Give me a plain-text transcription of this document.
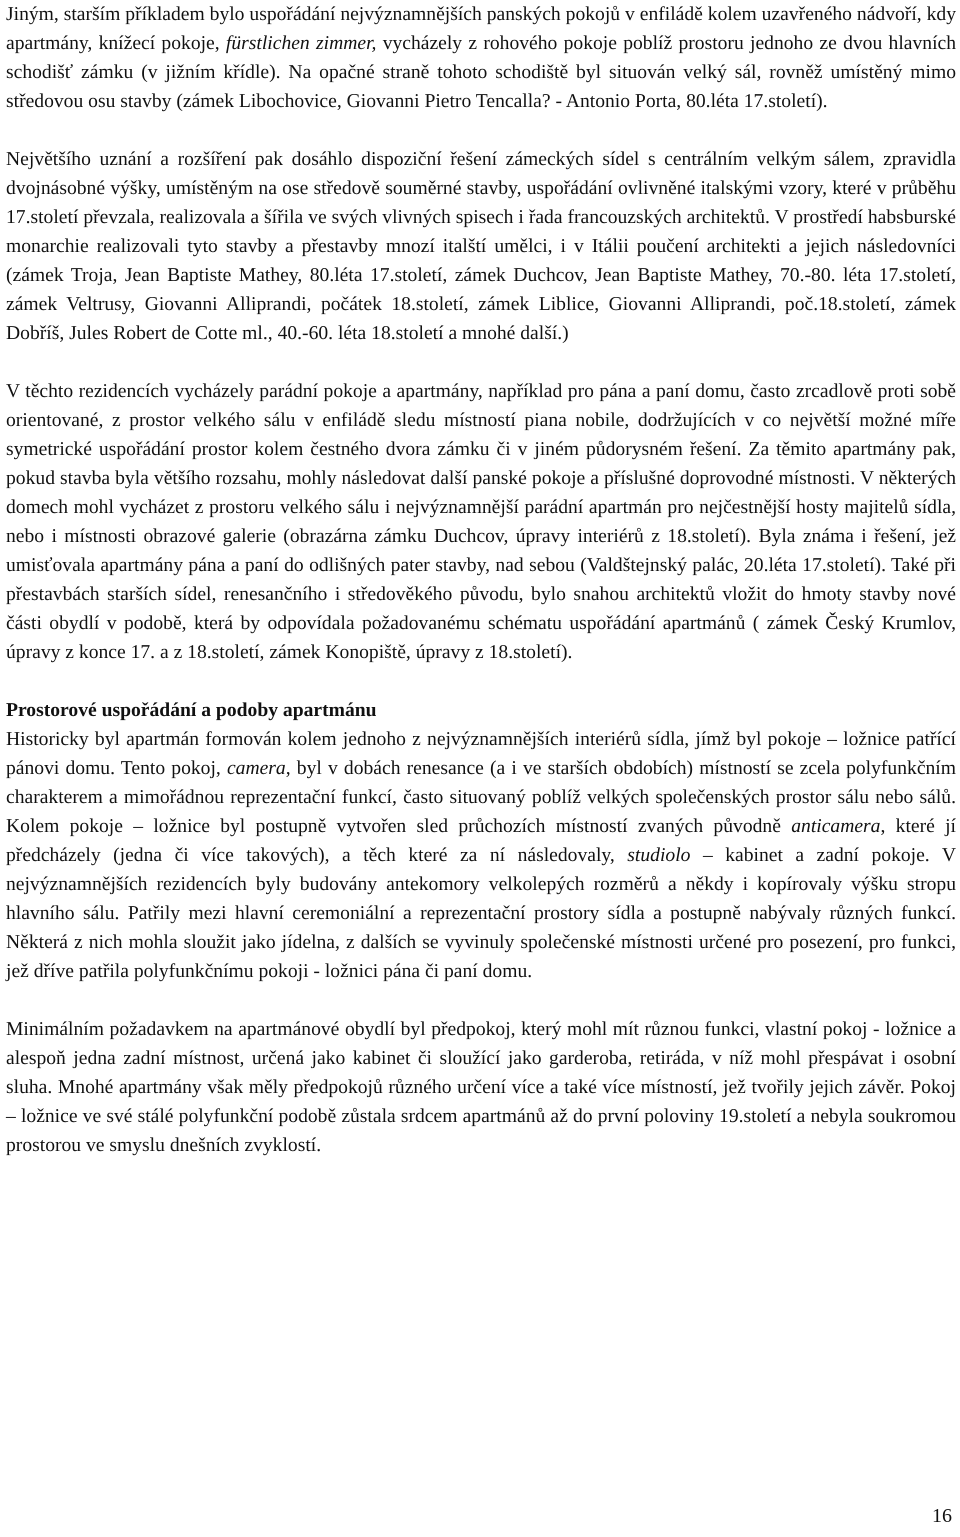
Jiným, starším příkladem bylo uspořádání nejvýznamnějších panských pokojů v enfiládě kolem uzavřeného nádvoří, kdy apartmány, knížecí pokoje, fürstlichen zimmer, vycházely z rohového pokoje poblíž prostoru jednoho ze dvou hlavních schodišť zámku (v jižním křídle). Na opačné straně tohoto schodiště byl situován velký sál, rovněž umístěný mimo středovou osu stavby (zámek Libochovice, Giovanni Pietro Tencalla? - Antonio Porta, 80.léta 17.století).

Největšího uznání a rozšíření pak dosáhlo dispoziční řešení zámeckých sídel s centrálním velkým sálem, zpravidla dvojnásobné výšky, umístěným na ose středově souměrné stavby, uspořádání ovlivněné italskými vzory, které v průběhu 17.století převzala, realizovala a šířila ve svých vlivných spisech i řada francouzských architektů. V prostředí habsburské monarchie realizovali tyto stavby a přestavby mnozí italští umělci, i v Itálii poučení architekti a jejich následovníci (zámek Troja, Jean Baptiste Mathey, 80.léta 17.století, zámek Duchcov, Jean Baptiste Mathey, 70.-80. léta 17.století, zámek Veltrusy, Giovanni Alliprandi, počátek 18.století, zámek Liblice, Giovanni Alliprandi, poč.18.století, zámek Dobříš, Jules Robert de Cotte ml., 40.-60. léta 18.století a mnohé další.)

V těchto rezidencích vycházely parádní pokoje a apartmány, například pro pána a paní domu, často zrcadlově proti sobě orientované, z prostor velkého sálu v enfiládě sledu místností piana nobile, dodržujících v co největší možné míře symetrické uspořádání prostor kolem čestného dvora zámku či v jiném půdorysném řešení. Za těmito apartmány pak, pokud stavba byla většího rozsahu, mohly následovat další panské pokoje a příslušné doprovodné místnosti. V některých domech mohl vycházet z prostoru velkého sálu i nejvýznamnější parádní apartmán pro nejčestnější hosty majitelů sídla, nebo i místnosti obrazové galerie (obrazárna zámku Duchcov, úpravy interiérů z 18.století). Byla známa i řešení, jež umisťovala apartmány pána a paní do odlišných pater stavby, nad sebou (Valdštejnský palác, 20.léta 17.století). Také při přestavbách starších sídel, renesančního i středověkého původu, bylo snahou architektů vložit do hmoty stavby nové části obydlí v podobě, která by odpovídala požadovanému schématu uspořádání apartmánů ( zámek Český Krumlov, úpravy z konce 17. a z 18.století, zámek Konopiště, úpravy z 18.století).

Prostorové uspořádání a podoby apartmánu

Historicky byl apartmán formován kolem jednoho z nejvýznamnějších interiérů sídla, jímž byl pokoje – ložnice patřící pánovi domu. Tento pokoj, camera, byl v dobách renesance (a i ve starších obdobích) místností se zcela polyfunkčním charakterem a mimořádnou reprezentační funkcí, často situovaný poblíž velkých společenských prostor sálu nebo sálů. Kolem pokoje – ložnice byl postupně vytvořen sled průchozích místností zvaných původně anticamera, které jí předcházely (jedna či více takových), a těch které za ní následovaly, studiolo – kabinet a zadní pokoje. V nejvýznamnějších rezidencích byly budovány antekomory velkolepých rozměrů a někdy i kopírovaly výšku stropu hlavního sálu. Patřily mezi hlavní ceremoniální a reprezentační prostory sídla a postupně nabývaly různých funkcí. Některá z nich mohla sloužit jako jídelna, z dalších se vyvinuly společenské místnosti určené pro posezení, pro funkci, jež dříve patřila polyfunkčnímu pokoji - ložnici pána či paní domu.

Minimálním požadavkem na apartmánové obydlí byl předpokoj, který mohl mít různou funkci, vlastní pokoj - ložnice a alespoň jedna zadní místnost, určená jako kabinet či sloužící jako garderoba, retiráda, v níž mohl přespávat i osobní sluha. Mnohé apartmány však měly předpokojů různého určení více a také více místností, jež tvořily jejich závěr. Pokoj – ložnice ve své stálé polyfunkční podobě zůstala srdcem apartmánů až do první poloviny 19.století a nebyla soukromou prostorou ve smyslu dnešních zvyklostí.

16
